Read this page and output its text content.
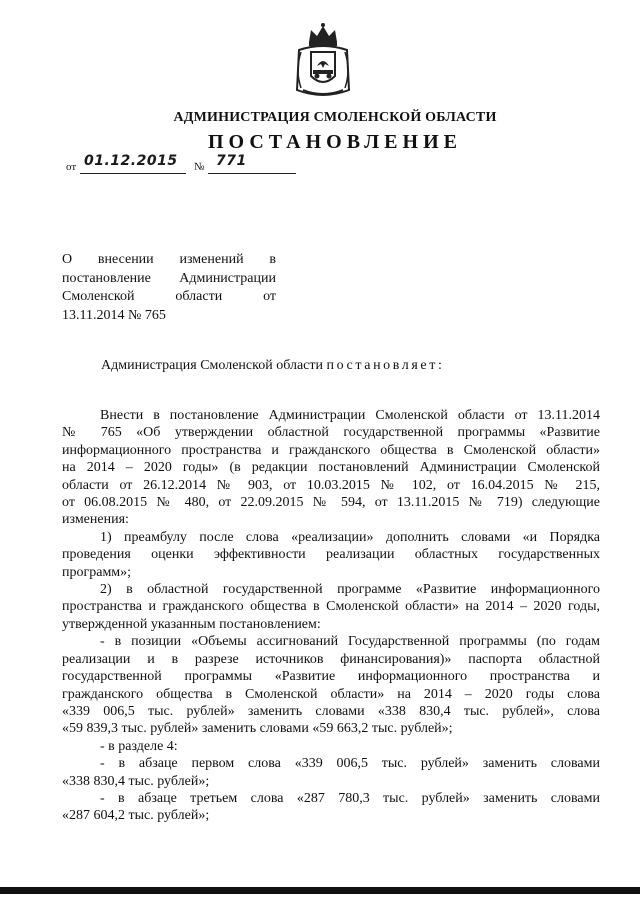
АДМИНИСТРАЦИЯ СМОЛЕНСКОЙ ОБЛАСТИ
ПОСТАНОВЛЕНИЕ
от 01.12.2015 № 771
О внесении изменений в
постановление Администрации
Смоленской области от
13.11.2014 № 765
Администрация Смоленской области постановляет:
Внести в постановление Администрации Смоленской области от 13.11.2014
№ 765 «Об утверждении областной государственной программы «Развитие
информационного пространства и гражданского общества в Смоленской области»
на 2014 – 2020 годы» (в редакции постановлений Администрации Смоленской
области от 26.12.2014 № 903, от 10.03.2015 № 102, от 16.04.2015 № 215,
от 06.08.2015 № 480, от 22.09.2015 № 594, от 13.11.2015 № 719) следующие
изменения:
1) преамбулу после слова «реализации» дополнить словами «и Порядка
проведения оценки эффективности реализации областных государственных
программ»;
2) в областной государственной программе «Развитие информационного
пространства и гражданского общества в Смоленской области» на 2014 – 2020 годы,
утвержденной указанным постановлением:
- в позиции «Объемы ассигнований Государственной программы (по годам
реализации и в разрезе источников финансирования)» паспорта областной
государственной программы «Развитие информационного пространства и
гражданского общества в Смоленской области» на 2014 – 2020 годы слова
«339 006,5 тыс. рублей» заменить словами «338 830,4 тыс. рублей», слова
«59 839,3 тыс. рублей» заменить словами «59 663,2 тыс. рублей»;
- в разделе 4:
- в абзаце первом слова «339 006,5 тыс. рублей» заменить словами
«338 830,4 тыс. рублей»;
- в абзаце третьем слова «287 780,3 тыс. рублей» заменить словами
«287 604,2 тыс. рублей»;
